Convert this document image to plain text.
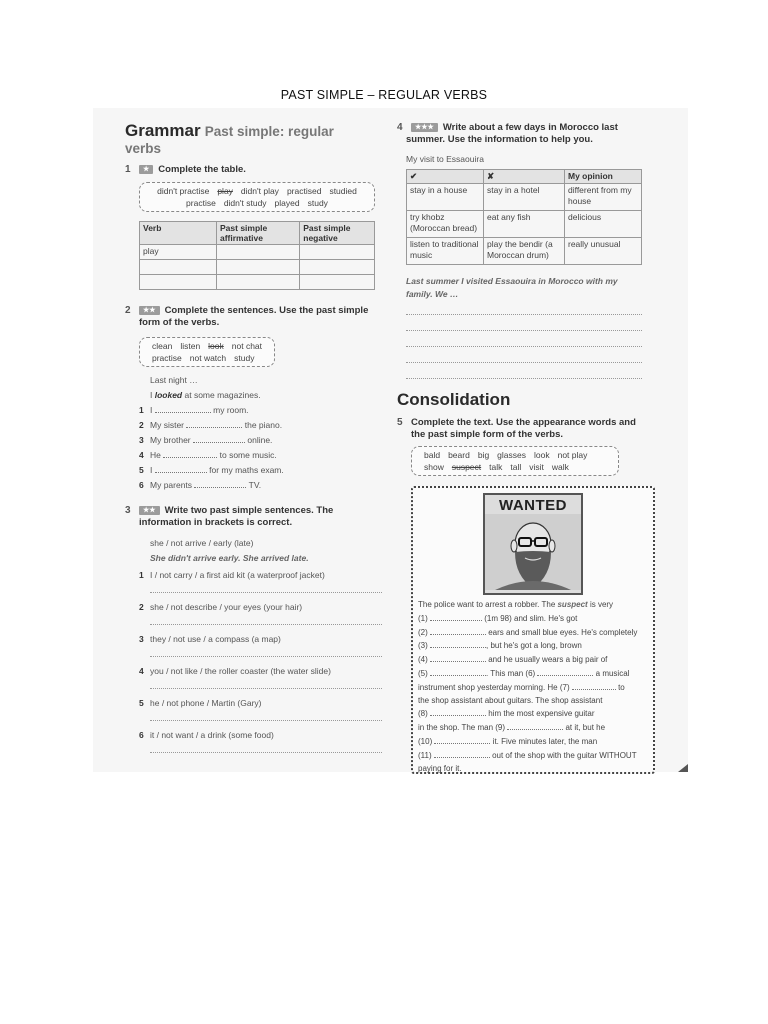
PAST SIMPLE – REGULAR VERBS
Grammar Past simple: regular
verbs
1 ★ Complete the table.
didn't practise play didn't play practised studied
practise didn't study played study
Verb	Past simple affirmative	Past simple negative
play		

2 ★★ Complete the sentences. Use the past simple
form of the verbs.
clean listen look not chat
practise not watch study
Last night …
I looked at some magazines.
1 I	my room.
2 My sister	the piano.
3 My brother	online.
4 He	to some music.
5 I	for my maths exam.
6 My parents	TV.
3 ★★ Write two past simple sentences. The
information in brackets is correct.
she / not arrive / early (late)
She didn't arrive early. She arrived late.
1 I / not carry / a first aid kit (a waterproof jacket)
2 she / not describe / your eyes (your hair)
3 they / not use / a compass (a map)
4 you / not like / the roller coaster (the water slide)
5 he / not phone / Martin (Gary)
6 it / not want / a drink (some food)
4 ★★★ Write about a few days in Morocco last
summer. Use the information to help you.
My visit to Essaouira
✔	✘	My opinion
stay in a house	stay in a hotel	different from my house
try khobz (Moroccan bread)	eat any fish	delicious
listen to traditional music	play the bendir (a Moroccan drum)	really unusual
Last summer I visited Essaouira in Morocco with my
family. We …
Consolidation
5 Complete the text. Use the appearance words and
the past simple form of the verbs.
bald beard big glasses look not play
show suspect talk tall visit walk
WANTED
The police want to arrest a robber. The suspect is very
(1)	(1m 98) and slim. He's got
(2)	ears and small blue eyes. He's completely
(3)	, but he's got a long, brown
(4)	and he usually wears a big pair of
(5)	. This man (6)	a musical
instrument shop yesterday morning. He (7)	to
the shop assistant about guitars. The shop assistant
(8)	him the most expensive guitar
in the shop. The man (9)	at it, but he
(10)	it. Five minutes later, the man
(11)	out of the shop with the guitar WITHOUT
paying for it.
